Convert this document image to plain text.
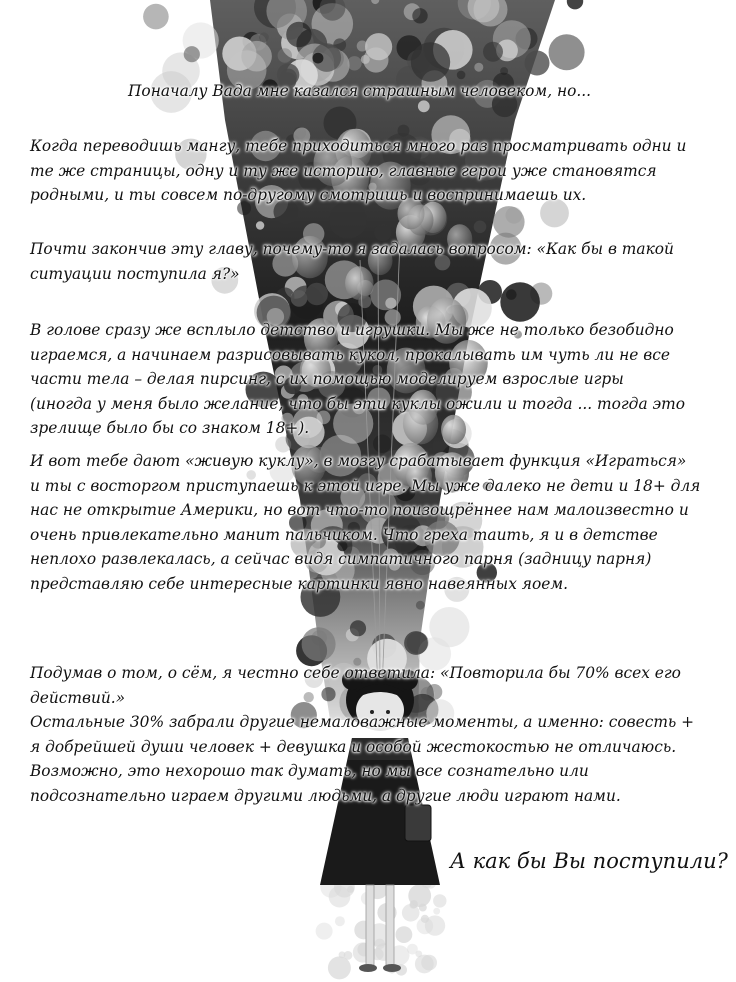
Поначалу Вада мне казался страшным человеком, но...

Когда переводишь мангу, тебе приходиться много раз просматривать одни и
те же страницы, одну и ту же историю, главные герои уже становятся
родными, и ты совсем по-другому смотришь и воспринимаешь их.

Почти закончив эту главу, почему-то я задалась вопросом: «Как бы в такой
ситуации поступила я?»

В голове сразу же всплыло детство и игрушки. Мы же не только безобидно
играемся, а начинаем разрисовывать кукол, прокалывать им чуть ли не все
части тела – делая пирсинг, с их помощью моделируем взрослые игры
(иногда у меня было желание, что бы эти куклы ожили и тогда ... тогда это
зрелище было бы со знаком 18+).

И вот тебе дают «живую куклу», в мозгу срабатывает функция «Играться»
и ты с восторгом приступаешь к этой игре. Мы уже далеко не дети и 18+ для
нас не открытие Америки, но вот что-то поизощрённее нам малоизвестно и
очень привлекательно манит пальчиком. Что греха таить, я и в детстве
неплохо развлекалась, а сейчас видя симпатичного парня (задницу парня)
представляю себе интересные картинки явно навеянных яоем.

Подумав о том, о сём, я честно себе ответила: «Повторила бы 70% всех его
действий.»

Остальные 30% забрали другие немаловажные моменты, а именно: совесть +
я добрейшей души человек + девушка и особой жестокостью не отличаюсь.
Возможно, это нехорошо так думать, но мы все сознательно или
подсознательно играем другими людьми, а другие люди играют нами.

А как бы Вы поступили?
